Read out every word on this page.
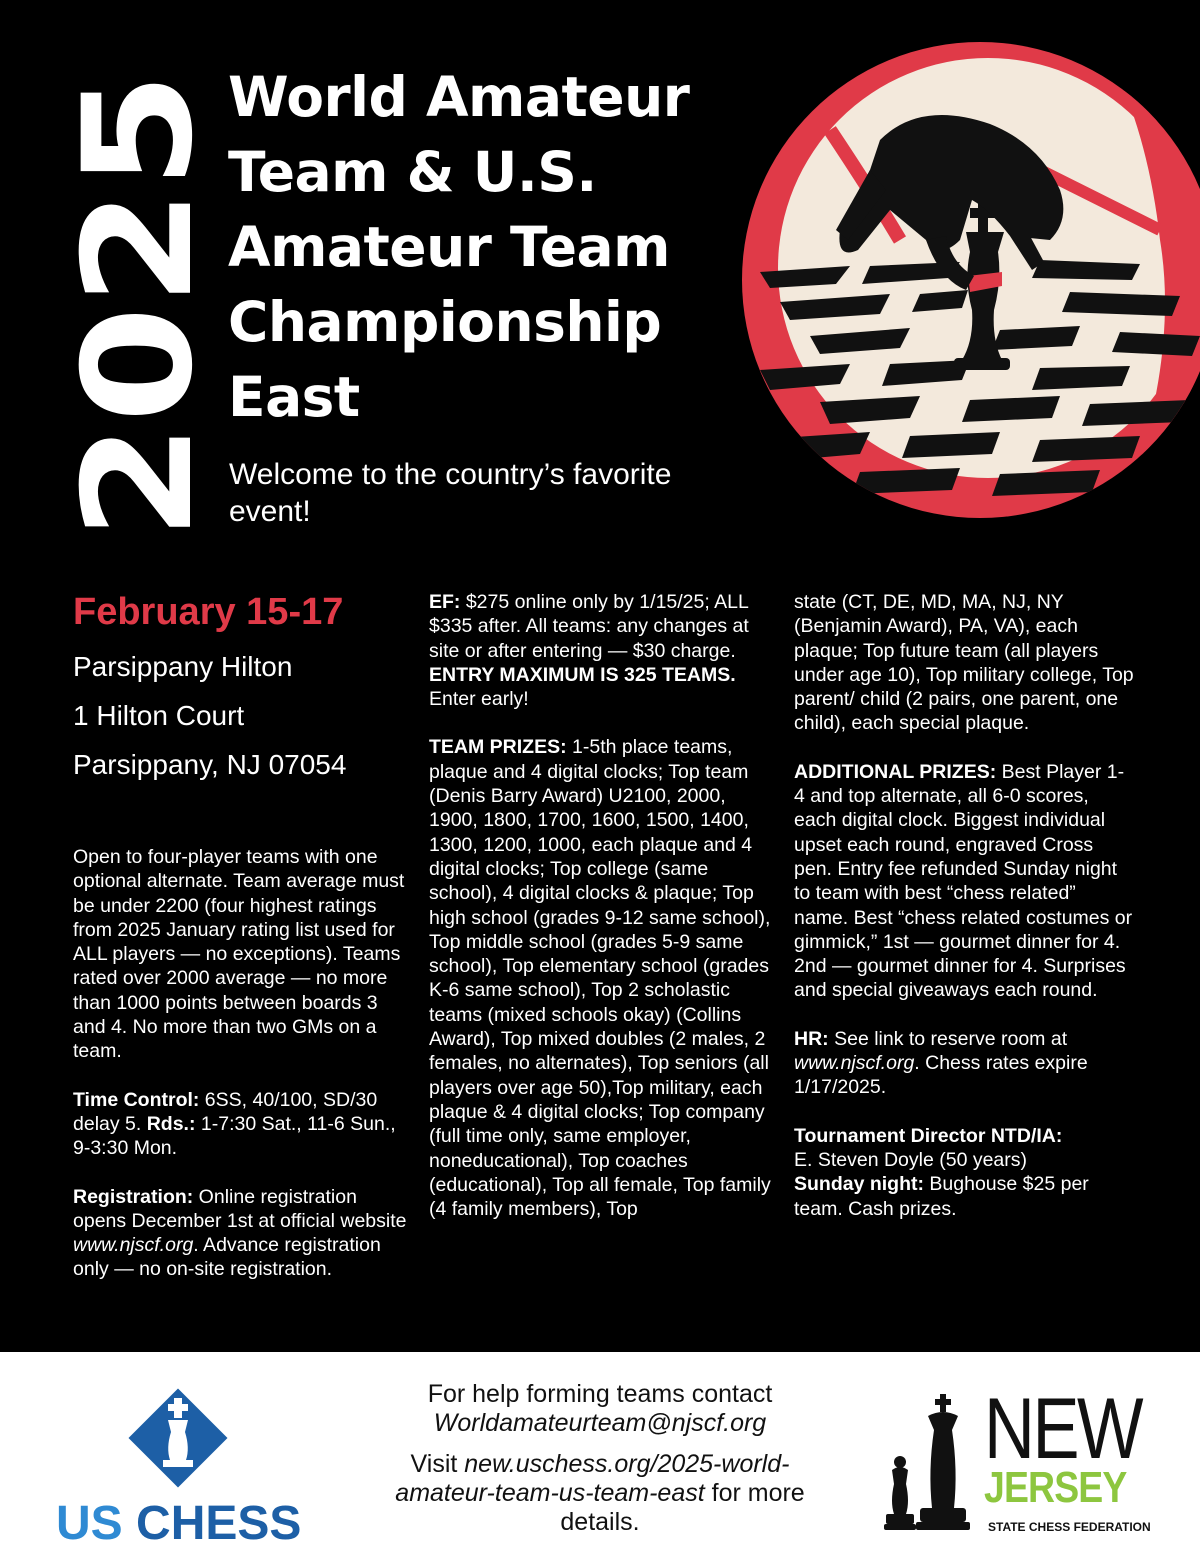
2025
World Amateur
Team & U.S.
Amateur Team
Championship
East
Welcome to the country’s favorite event!
February 15-17
Parsippany Hilton
1 Hilton Court
Parsippany, NJ 07054
Open to four-player teams with one optional alternate. Team average must be under 2200 (four highest ratings from 2025 January rating list used for ALL players — no exceptions). Teams rated over 2000 average — no more than 1000 points between boards 3 and 4. No more than two GMs on a team.
Time Control: 6SS, 40/100, SD/30 delay 5. Rds.: 1-7:30 Sat., 11-6 Sun., 9-3:30 Mon.
Registration: Online registration opens December 1st at official website www.njscf.org. Advance registration only — no on-site registration.
EF: $275 online only by 1/15/25; ALL $335 after. All teams: any changes at site or after entering — $30 charge. ENTRY MAXIMUM IS 325 TEAMS. Enter early!
TEAM PRIZES: 1-5th place teams, plaque and 4 digital clocks; Top team (Denis Barry Award) U2100, 2000, 1900, 1800, 1700, 1600, 1500, 1400, 1300, 1200, 1000, each plaque and 4 digital clocks; Top college (same school), 4 digital clocks & plaque; Top high school (grades 9-12 same school), Top middle school (grades 5-9 same school), Top elementary school (grades K-6 same school), Top 2 scholastic teams (mixed schools okay) (Collins Award), Top mixed doubles (2 males, 2 females, no alternates), Top seniors (all players over age 50),Top military, each plaque & 4 digital clocks; Top company (full time only, same employer, noneducational), Top coaches (educational), Top all female, Top family (4 family members), Top
state (CT, DE, MD, MA, NJ, NY (Benjamin Award), PA, VA), each plaque; Top future team (all players under age 10), Top military college, Top parent/ child (2 pairs, one parent, one child), each special plaque.
ADDITIONAL PRIZES: Best Player 1-4 and top alternate, all 6-0 scores, each digital clock. Biggest individual upset each round, engraved Cross pen. Entry fee refunded Sunday night to team with best “chess related” name. Best “chess related costumes or gimmick,” 1st — gourmet dinner for 4. 2nd — gourmet dinner for 4. Surprises and special giveaways each round.
HR: See link to reserve room at www.njscf.org. Chess rates expire 1/17/2025.
Tournament Director NTD/IA:
E. Steven Doyle (50 years)
Sunday night: Bughouse $25 per team. Cash prizes.
US CHESS
For help forming teams contact
Worldamateurteam@njscf.org
Visit new.uschess.org/2025-world-amateur-team-us-team-east for more details.
NEW
JERSEY
STATE CHESS FEDERATION
